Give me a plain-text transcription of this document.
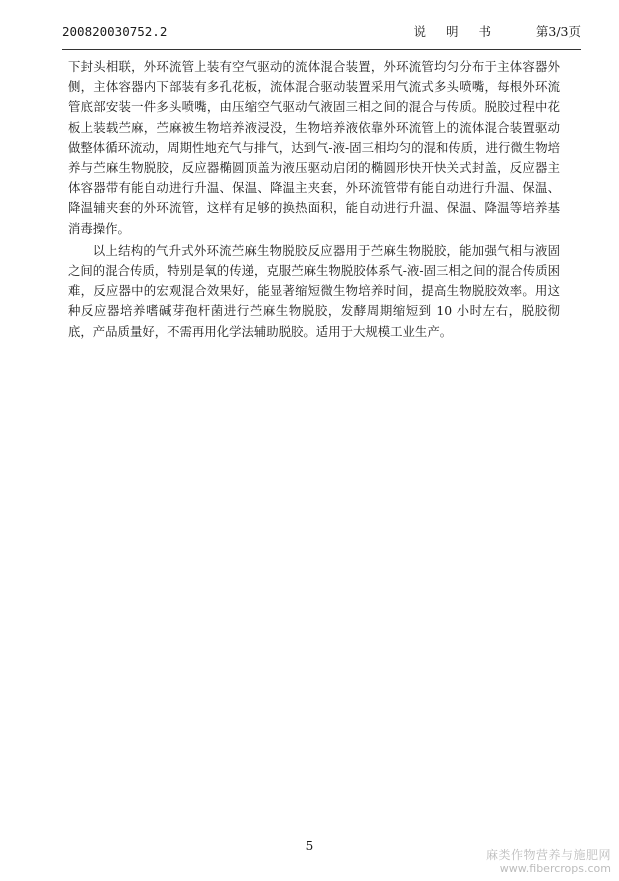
200820030752.2	说 明 书	第3/3页

下封头相联，外环流管上装有空气驱动的流体混合装置，外环流管均匀分布于主体容器外侧，主体容器内下部装有多孔花板，流体混合驱动装置采用气流式多头喷嘴，每根外环流管底部安装一件多头喷嘴，由压缩空气驱动气液固三相之间的混合与传质。脱胶过程中花板上装载苎麻，苎麻被生物培养液浸没，生物培养液依靠外环流管上的流体混合装置驱动做整体循环流动，周期性地充气与排气，达到气-液-固三相均匀的混和传质，进行微生物培养与苎麻生物脱胶，反应器椭圆顶盖为液压驱动启闭的椭圆形快开快关式封盖，反应器主体容器带有能自动进行升温、保温、降温主夹套，外环流管带有能自动进行升温、保温、降温辅夹套的外环流管，这样有足够的换热面积，能自动进行升温、保温、降温等培养基消毒操作。

以上结构的气升式外环流苎麻生物脱胶反应器用于苎麻生物脱胶，能加强气相与液固之间的混合传质，特别是氧的传递，克服苎麻生物脱胶体系气-液-固三相之间的混合传质困难，反应器中的宏观混合效果好，能显著缩短微生物培养时间，提高生物脱胶效率。用这种反应器培养嗜碱芽孢杆菌进行苎麻生物脱胶，发酵周期缩短到 10 小时左右，脱胶彻底，产品质量好，不需再用化学法辅助脱胶。适用于大规模工业生产。

5
麻类作物营养与施肥网
www.fibercrops.com
